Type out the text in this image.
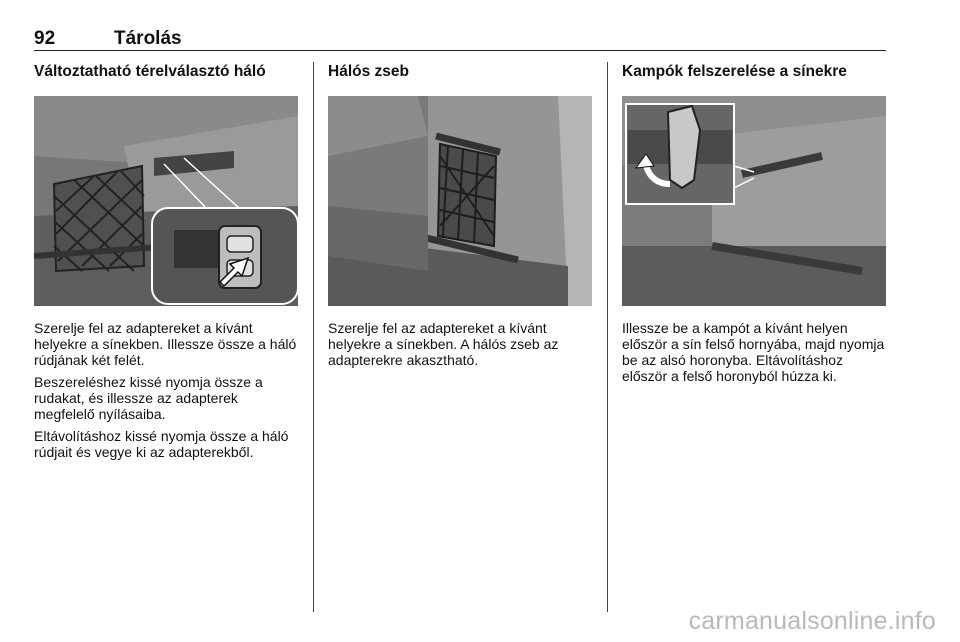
92	Tárolás
Változtatható térelválasztó háló

Szerelje fel az adaptereket a kívánt helyekre a sínekben. Illessze össze a háló rúdjának két felét.

Beszereléshez kissé nyomja össze a rudakat, és illessze az adapterek megfelelő nyílásaiba.

Eltávolításhoz kissé nyomja össze a háló rúdjait és vegye ki az adapterekből.

Hálós zseb

Szerelje fel az adaptereket a kívánt helyekre a sínekben. A hálós zseb az adapterekre akasztható.

Kampók felszerelése a sínekre

Illessze be a kampót a kívánt helyen először a sín felső hornyába, majd nyomja be az alsó horonyba. Eltávolításhoz először a felső horonyból húzza ki.

carmanualsonline.info
